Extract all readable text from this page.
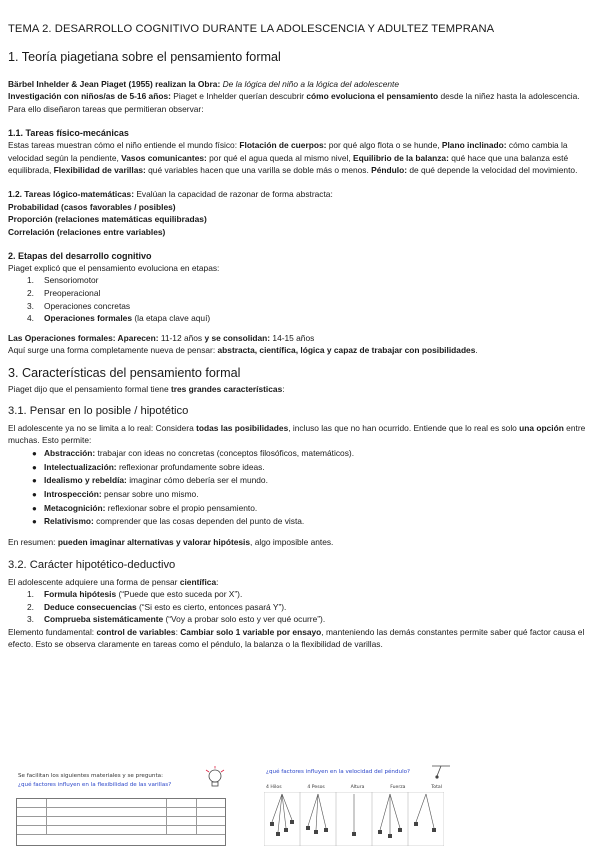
TEMA 2. DESARROLLO COGNITIVO DURANTE LA ADOLESCENCIA Y ADULTEZ TEMPRANA
1. Teoría piagetiana sobre el pensamiento formal

Bärbel Inhelder & Jean Piaget (1955) realizan la Obra: De la lógica del niño a la lógica del adolescente

Investigación con niños/as de 5-16 años: Piaget e Inhelder querían descubrir cómo evoluciona el pensamiento desde la niñez hasta la adolescencia. Para ello diseñaron tareas que permitieran observar:

1.1. Tareas físico-mecánicas

Estas tareas muestran cómo el niño entiende el mundo físico: Flotación de cuerpos: por qué algo flota o se hunde, Plano inclinado: cómo cambia la velocidad según la pendiente, Vasos comunicantes: por qué el agua queda al mismo nivel, Equilibrio de la balanza: qué hace que una balanza esté equilibrada, Flexibilidad de varillas: qué variables hacen que una varilla se doble más o menos. Péndulo: de qué depende la velocidad del movimiento.

1.2. Tareas lógico-matemáticas: Evalúan la capacidad de razonar de forma abstracta:

Probabilidad (casos favorables / posibles)

Proporción (relaciones matemáticas equilibradas)

Correlación (relaciones entre variables)

2. Etapas del desarrollo cognitivo

Piaget explicó que el pensamiento evoluciona en etapas:

1. Sensoriomotor
2. Preoperacional
3. Operaciones concretas
4. Operaciones formales (la etapa clave aquí)

Las Operaciones formales: Aparecen: 11-12 años y se consolidan: 14-15 años

Aquí surge una forma completamente nueva de pensar: abstracta, científica, lógica y capaz de trabajar con posibilidades.

3. Características del pensamiento formal

Piaget dijo que el pensamiento formal tiene tres grandes características:

3.1. Pensar en lo posible / hipotético

El adolescente ya no se limita a lo real: Considera todas las posibilidades, incluso las que no han ocurrido. Entiende que lo real es solo una opción entre muchas. Esto permite:

● Abstracción: trabajar con ideas no concretas (conceptos filosóficos, matemáticos).
● Intelectualización: reflexionar profundamente sobre ideas.
● Idealismo y rebeldía: imaginar cómo debería ser el mundo.
● Introspección: pensar sobre uno mismo.
● Metacognición: reflexionar sobre el propio pensamiento.
● Relativismo: comprender que las cosas dependen del punto de vista.

En resumen: pueden imaginar alternativas y valorar hipótesis, algo imposible antes.

3.2. Carácter hipotético-deductivo

El adolescente adquiere una forma de pensar científica:

1. Formula hipótesis (“Puede que esto suceda por X”).
2. Deduce consecuencias (“Si esto es cierto, entonces pasará Y”).
3. Comprueba sistemáticamente (“Voy a probar solo esto y ver qué ocurre”).

Elemento fundamental: control de variables: Cambiar solo 1 variable por ensayo, manteniendo las demás constantes permite saber qué factor causa el efecto. Esto se observa claramente en tareas como el péndulo, la balanza o la flexibilidad de varillas.

Se facilitan los siguientes materiales y se pregunta:
¿qué factores influyen en la flexibilidad de las varillas?
¿qué factores influyen en la velocidad del péndulo?
4 Hilos	4 Pesos	Altura	Fuerza	Total
